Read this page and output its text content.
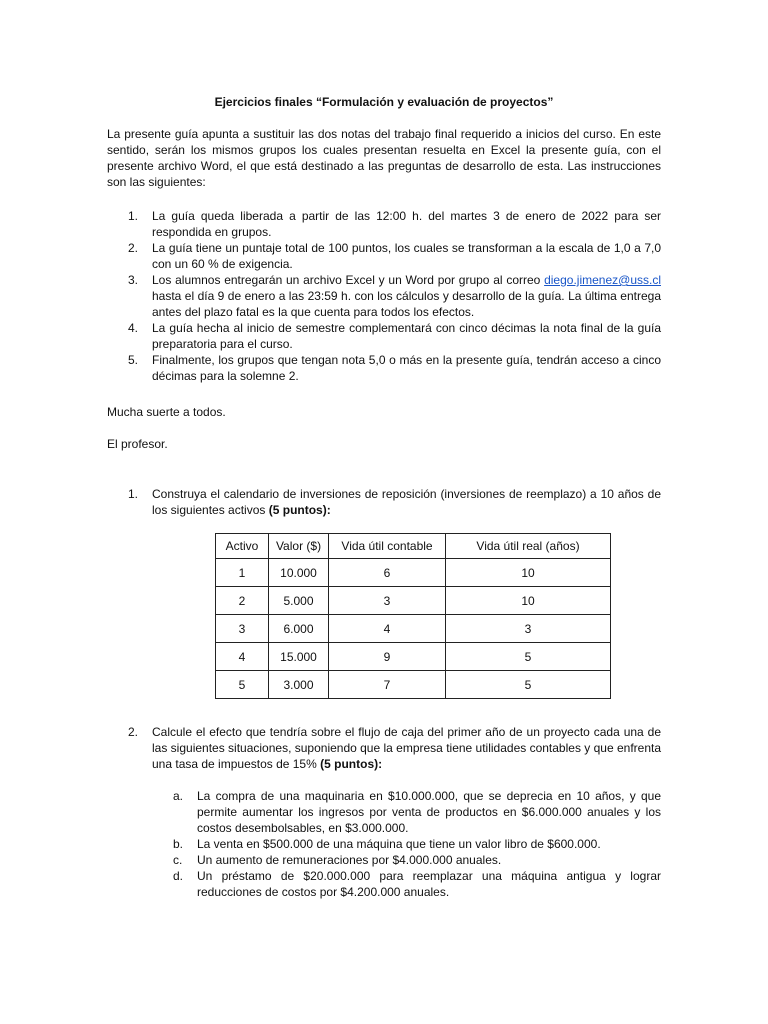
Ejercicios finales “Formulación y evaluación de proyectos”
La presente guía apunta a sustituir las dos notas del trabajo final requerido a inicios del curso. En este sentido, serán los mismos grupos los cuales presentan resuelta en Excel la presente guía, con el presente archivo Word, el que está destinado a las preguntas de desarrollo de esta. Las instrucciones son las siguientes:
1. La guía queda liberada a partir de las 12:00 h. del martes 3 de enero de 2022 para ser respondida en grupos.
2. La guía tiene un puntaje total de 100 puntos, los cuales se transforman a la escala de 1,0 a 7,0 con un 60 % de exigencia.
3. Los alumnos entregarán un archivo Excel y un Word por grupo al correo diego.jimenez@uss.cl hasta el día 9 de enero a las 23:59 h. con los cálculos y desarrollo de la guía. La última entrega antes del plazo fatal es la que cuenta para todos los efectos.
4. La guía hecha al inicio de semestre complementará con cinco décimas la nota final de la guía preparatoria para el curso.
5. Finalmente, los grupos que tengan nota 5,0 o más en la presente guía, tendrán acceso a cinco décimas para la solemne 2.
Mucha suerte a todos.
El profesor.
1. Construya el calendario de inversiones de reposición (inversiones de reemplazo) a 10 años de los siguientes activos (5 puntos):
Activo	Valor ($)	Vida útil contable	Vida útil real (años)
1	10.000	6	10
2	5.000	3	10
3	6.000	4	3
4	15.000	9	5
5	3.000	7	5
2. Calcule el efecto que tendría sobre el flujo de caja del primer año de un proyecto cada una de las siguientes situaciones, suponiendo que la empresa tiene utilidades contables y que enfrenta una tasa de impuestos de 15% (5 puntos):
a. La compra de una maquinaria en $10.000.000, que se deprecia en 10 años, y que permite aumentar los ingresos por venta de productos en $6.000.000 anuales y los costos desembolsables, en $3.000.000.
b. La venta en $500.000 de una máquina que tiene un valor libro de $600.000.
c. Un aumento de remuneraciones por $4.000.000 anuales.
d. Un préstamo de $20.000.000 para reemplazar una máquina antigua y lograr reducciones de costos por $4.200.000 anuales.
